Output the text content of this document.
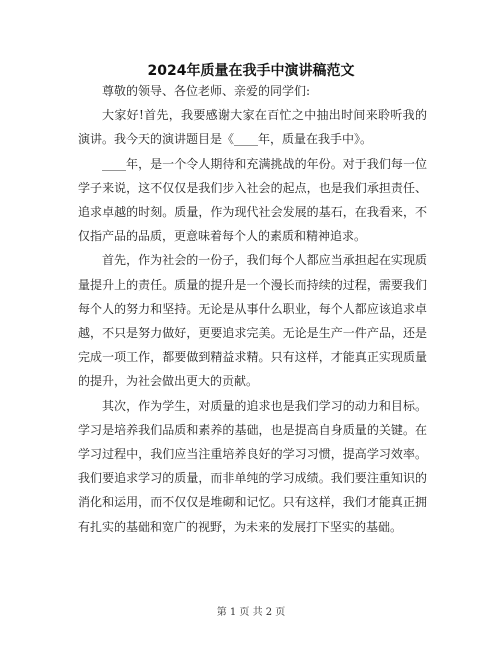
2024年质量在我手中演讲稿范文

尊敬的领导、各位老师、亲爱的同学们:

大家好!首先，我要感谢大家在百忙之中抽出时间来聆听我的演讲。我今天的演讲题目是《____年，质量在我手中》。

____年，是一个令人期待和充满挑战的年份。对于我们每一位学子来说，这不仅仅是我们步入社会的起点，也是我们承担责任、追求卓越的时刻。质量，作为现代社会发展的基石，在我看来，不仅指产品的品质，更意味着每个人的素质和精神追求。

首先，作为社会的一份子，我们每个人都应当承担起在实现质量提升上的责任。质量的提升是一个漫长而持续的过程，需要我们每个人的努力和坚持。无论是从事什么职业，每个人都应该追求卓越，不只是努力做好，更要追求完美。无论是生产一件产品，还是完成一项工作，都要做到精益求精。只有这样，才能真正实现质量的提升，为社会做出更大的贡献。

其次，作为学生，对质量的追求也是我们学习的动力和目标。学习是培养我们品质和素养的基础，也是提高自身质量的关键。在学习过程中，我们应当注重培养良好的学习习惯，提高学习效率。我们要追求学习的质量，而非单纯的学习成绩。我们要注重知识的消化和运用，而不仅仅是堆砌和记忆。只有这样，我们才能真正拥有扎实的基础和宽广的视野，为未来的发展打下坚实的基础。

第 1 页 共 2 页
